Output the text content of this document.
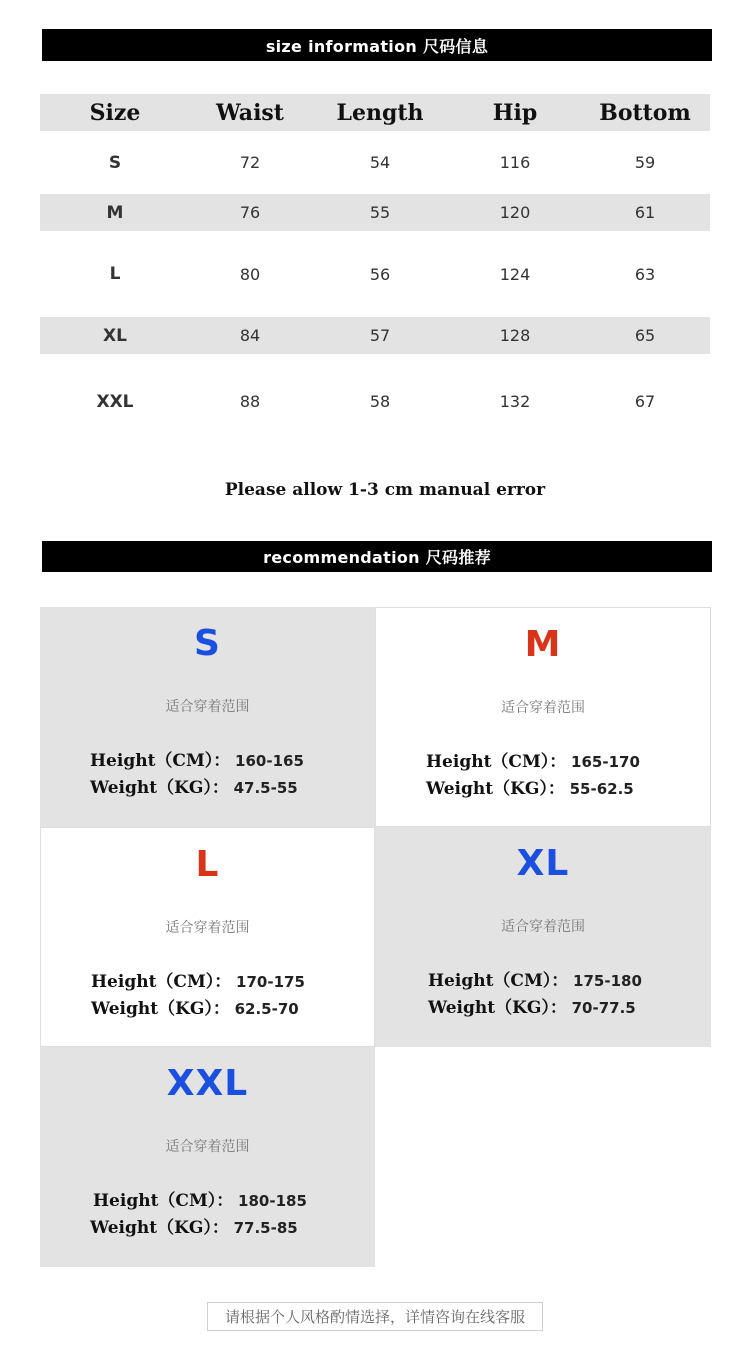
size information 尺码信息
Size	Waist	Length	Hip	Bottom
S	72	54	116	59
M	76	55	120	61
L	80	56	124	63
XL	84	57	128	65
XXL	88	58	132	67
Please allow 1-3 cm manual error
recommendation 尺码推荐
S
适合穿着范围
Height（CM）： 160-165
Weight（KG）： 47.5-55
M
适合穿着范围
Height（CM）： 165-170
Weight（KG）： 55-62.5
L
适合穿着范围
Height（CM）： 170-175
Weight（KG）： 62.5-70
XL
适合穿着范围
Height（CM）： 175-180
Weight（KG）： 70-77.5
XXL
适合穿着范围
Height（CM）： 180-185
Weight（KG）： 77.5-85
请根据个人风格酌情选择，详情咨询在线客服
